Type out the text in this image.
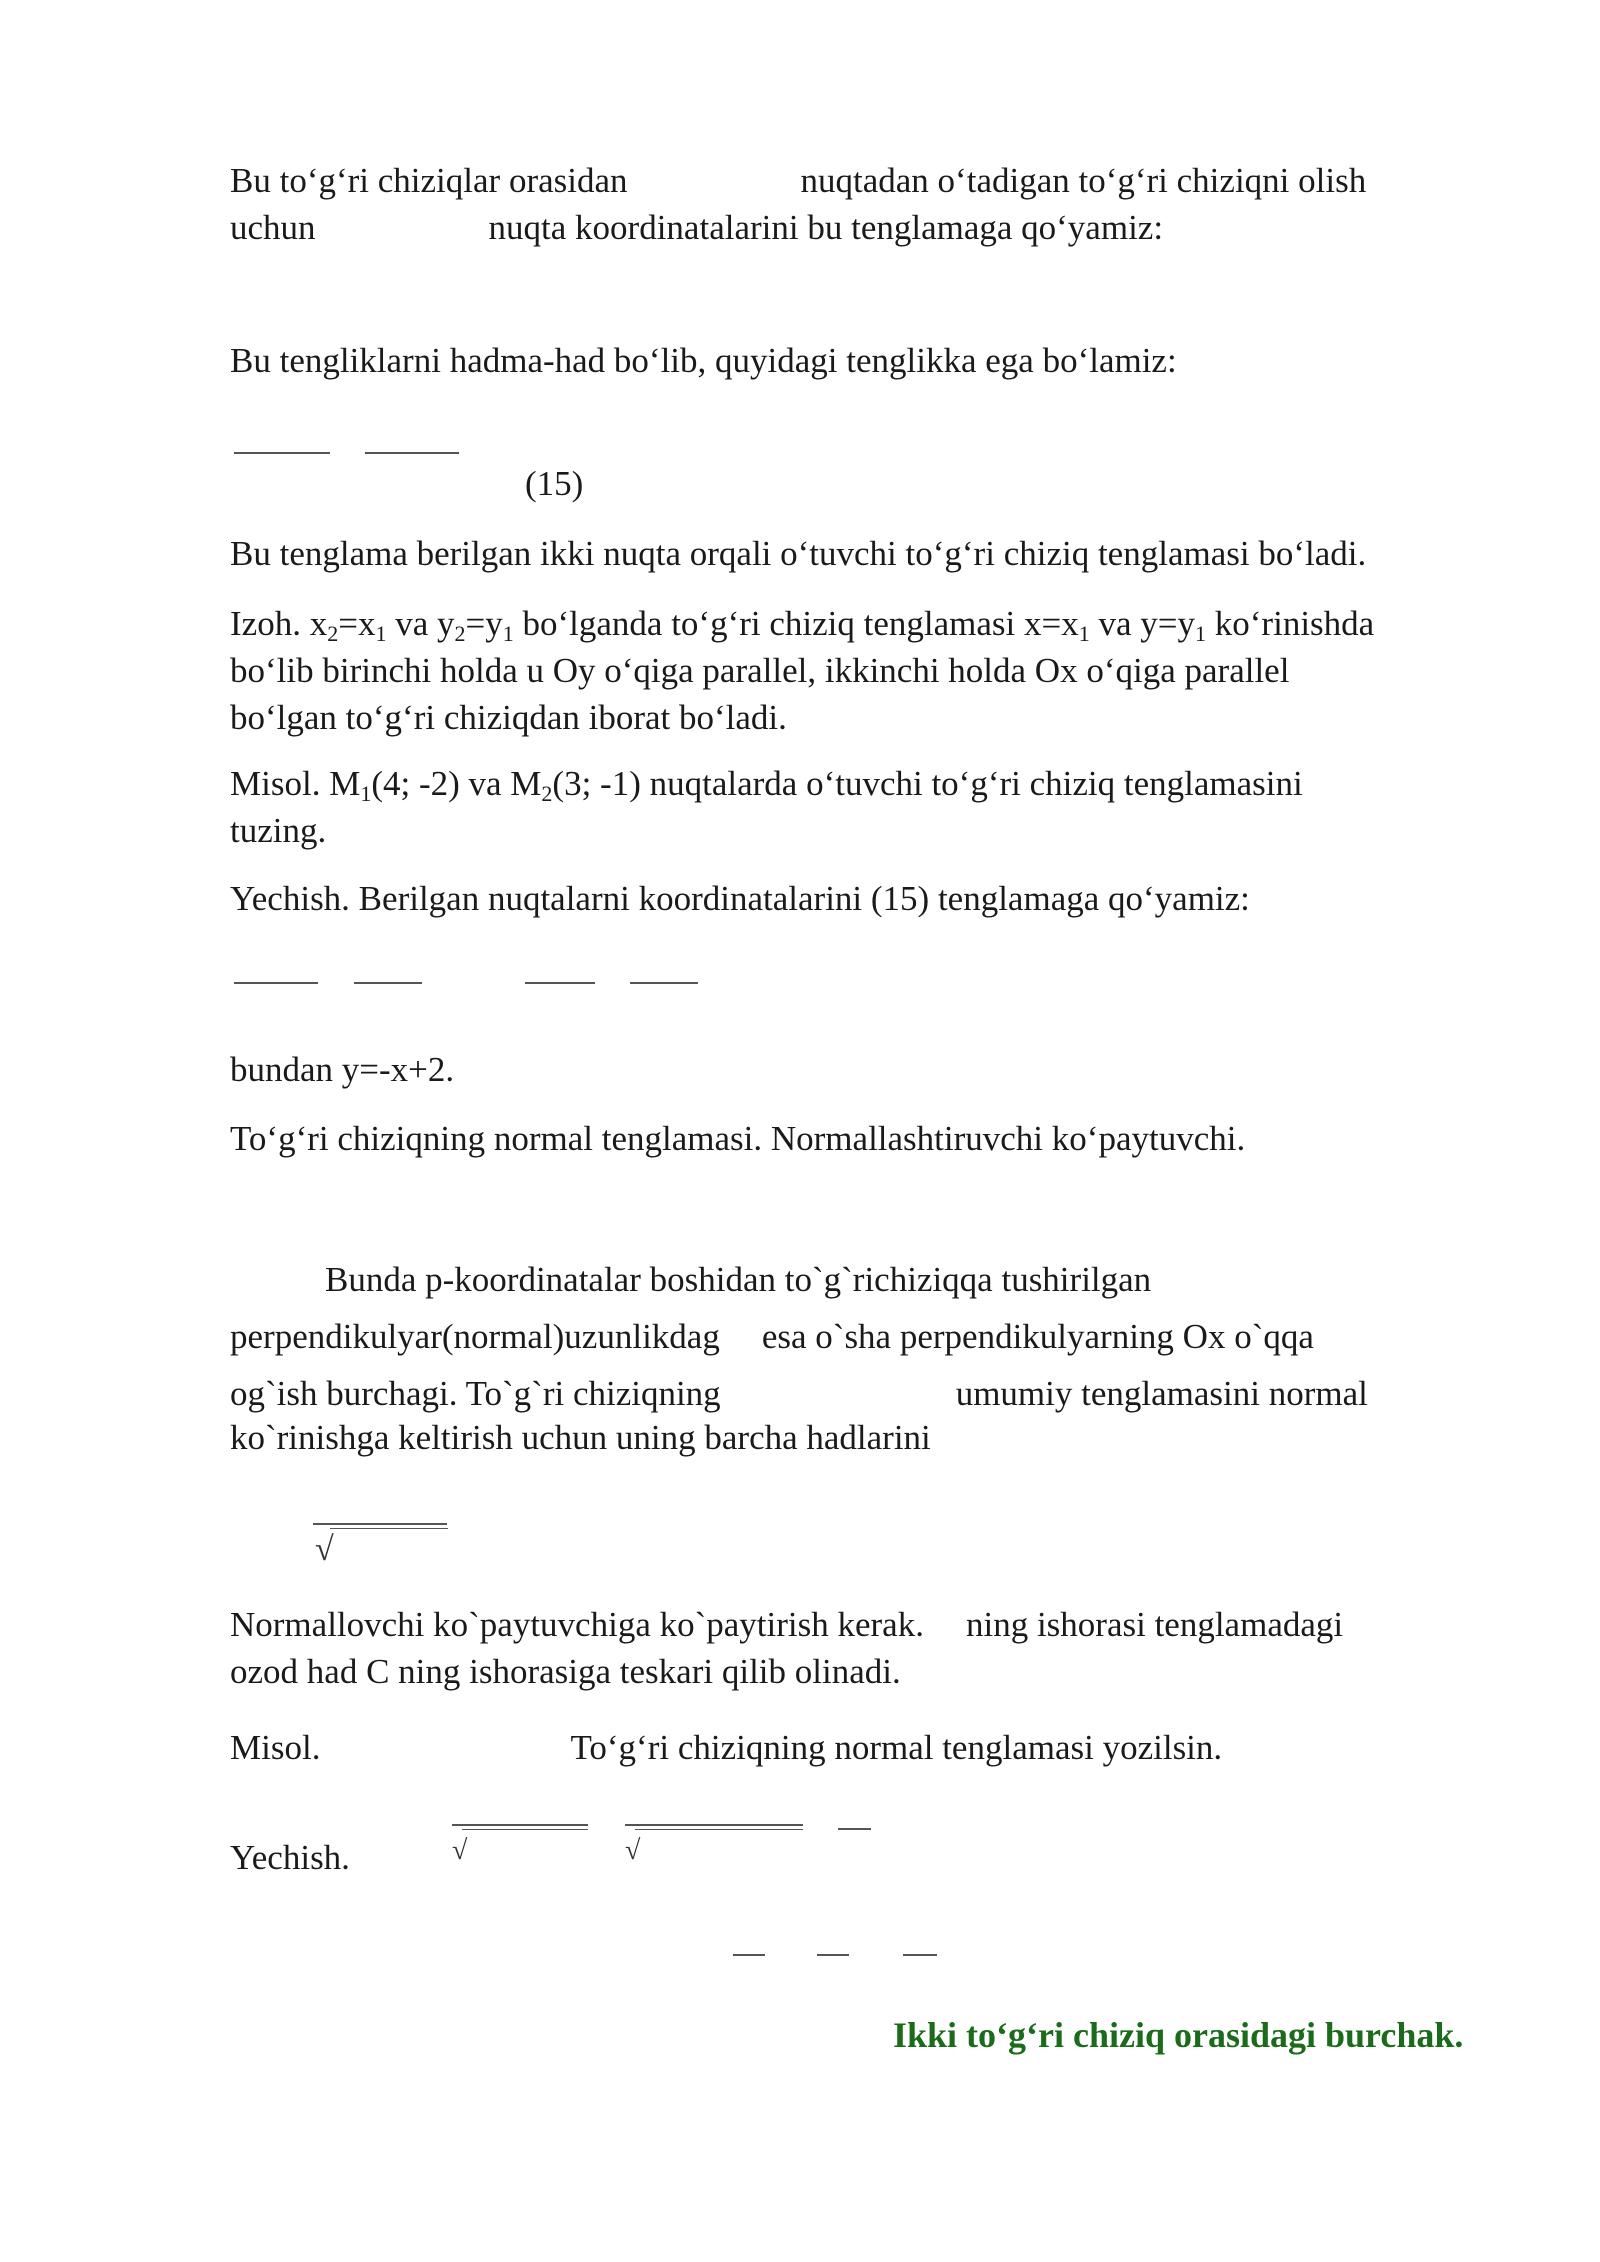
Bu to‘g‘ri chiziqlar orasidan	nuqtadan o‘tadigan to‘g‘ri chiziqni olish
uchun	nuqta koordinatalarini bu tenglamaga qo‘yamiz:

Bu tengliklarni hadma-had bo‘lib, quyidagi tenglikka ega bo‘lamiz:

(15)

Bu tenglama berilgan ikki nuqta orqali o‘tuvchi to‘g‘ri chiziq tenglamasi bo‘ladi.

Izoh. $x_2=x_1$ va $y_2=y_1$ bo‘lganda to‘g‘ri chiziq tenglamasi $x=x_1$ va $y=y_1$ ko‘rinishda
bo‘lib birinchi holda u Oy o‘qiga parallel, ikkinchi holda Ox o‘qiga parallel
bo‘lgan to‘g‘ri chiziqdan iborat bo‘ladi.

Misol. $M_1(4$; -2) va $M_2(3$; -1) nuqtalarda o‘tuvchi to‘g‘ri chiziq tenglamasini
tuzing.

Yechish. Berilgan nuqtalarni koordinatalarini (15) tenglamaga qo‘yamiz:

bundan y=-x+2.

To‘g‘ri chiziqning normal tenglamasi. Normallashtiruvchi ko‘paytuvchi.

Bunda p-koordinatalar boshidan to`g`richiziqqa tushirilgan
perpendikulyar(normal)uzunlikdag esa o`sha perpendikulyarning Ox o`qqa
og`ish burchagi. To`g`ri chiziqning	umumiy tenglamasini normal

ko`rinishga keltirish uchun uning barcha hadlarini

√

Normallovchi ko`paytuvchiga ko`paytirish kerak. ning ishorasi tenglamadagi
ozod had C ning ishorasiga teskari qilib olinadi.

Misol.	To‘g‘ri chiziqning normal tenglamasi yozilsin.

√	√

Yechish.

Ikki to‘g‘ri chiziq orasidagi burchak.
